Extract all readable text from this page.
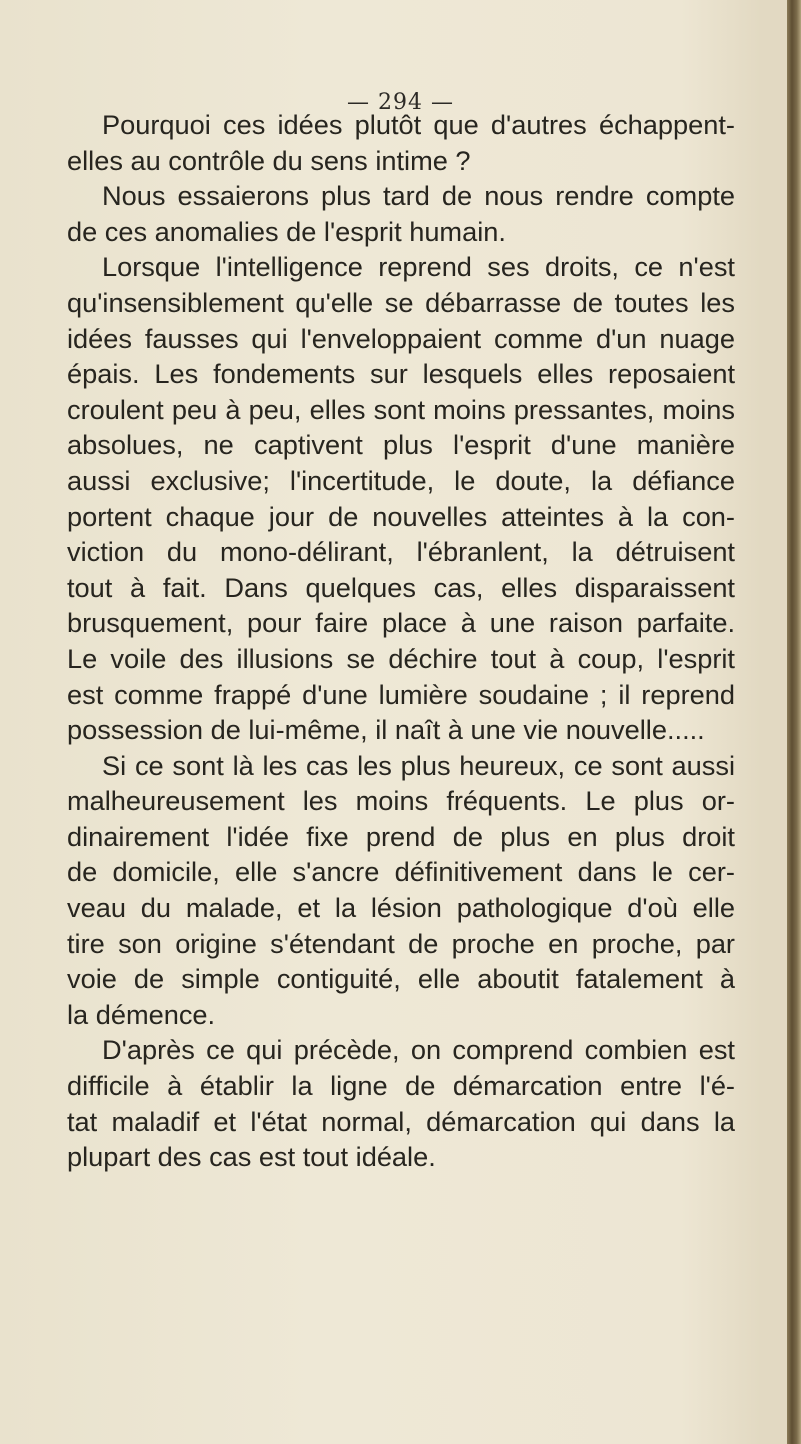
— 294 —
Pourquoi ces idées plutôt que d'autres échappent-
elles au contrôle du sens intime ?
Nous essaierons plus tard de nous rendre compte
de ces anomalies de l'esprit humain.
Lorsque l'intelligence reprend ses droits, ce n'est
qu'insensiblement qu'elle se débarrasse de toutes les
idées fausses qui l'enveloppaient comme d'un nuage
épais. Les fondements sur lesquels elles reposaient
croulent peu à peu, elles sont moins pressantes, moins
absolues, ne captivent plus l'esprit d'une manière
aussi exclusive; l'incertitude, le doute, la défiance
portent chaque jour de nouvelles atteintes à la con-
viction du mono-délirant, l'ébranlent, la détruisent
tout à fait. Dans quelques cas, elles disparaissent
brusquement, pour faire place à une raison parfaite.
Le voile des illusions se déchire tout à coup, l'esprit
est comme frappé d'une lumière soudaine ; il reprend
possession de lui-même, il naît à une vie nouvelle.....
Si ce sont là les cas les plus heureux, ce sont aussi
malheureusement les moins fréquents. Le plus or-
dinairement l'idée fixe prend de plus en plus droit
de domicile, elle s'ancre définitivement dans le cer-
veau du malade, et la lésion pathologique d'où elle
tire son origine s'étendant de proche en proche, par
voie de simple contiguité, elle aboutit fatalement à
la démence.
D'après ce qui précède, on comprend combien est
difficile à établir la ligne de démarcation entre l'é-
tat maladif et l'état normal, démarcation qui dans la
plupart des cas est tout idéale.
